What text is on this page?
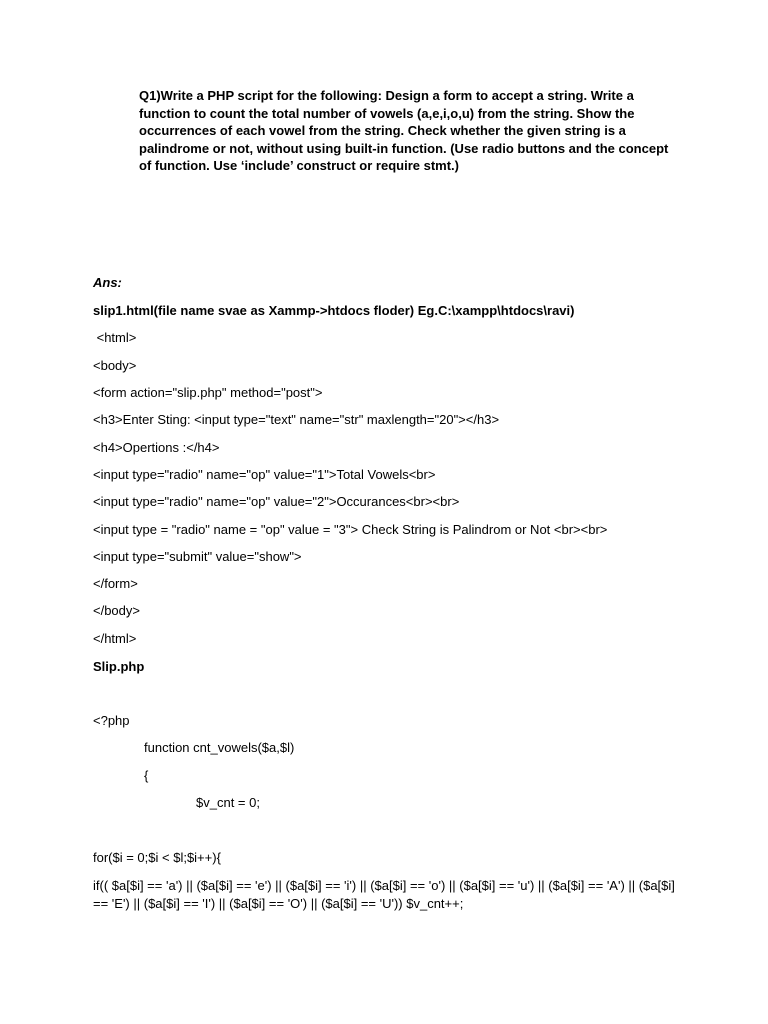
Q1)Write a PHP script for the following: Design a form to accept a string. Write a function to count the total number of vowels (a,e,i,o,u) from the string. Show the occurrences of each vowel from the string. Check whether the given string is a palindrome or not, without using built-in function. (Use radio buttons and the concept of function. Use ‘include’ construct or require stmt.)
Ans:
slip1.html(file name svae as Xammp->htdocs floder) Eg.C:\xampp\htdocs\ravi)
<html>
<body>
<form action="slip.php" method="post">
<h3>Enter Sting: <input type="text" name="str" maxlength="20"></h3>
<h4>Opertions :</h4>
<input type="radio" name="op" value="1">Total Vowels<br>
<input type="radio" name="op" value="2">Occurances<br><br>
<input type = "radio" name = "op" value = "3"> Check String is Palindrom or Not <br><br>
<input type="submit" value="show">
</form>
</body>
</html>
Slip.php
<?php
function cnt_vowels($a,$l)
{
$v_cnt = 0;
for($i = 0;$i < $l;$i++){
if(( $a[$i] == 'a') || ($a[$i] == 'e') || ($a[$i] == 'i') || ($a[$i] == 'o') || ($a[$i] == 'u') || ($a[$i] == 'A') || ($a[$i] == 'E') || ($a[$i] == 'I') || ($a[$i] == 'O') || ($a[$i] == 'U')) $v_cnt++;
